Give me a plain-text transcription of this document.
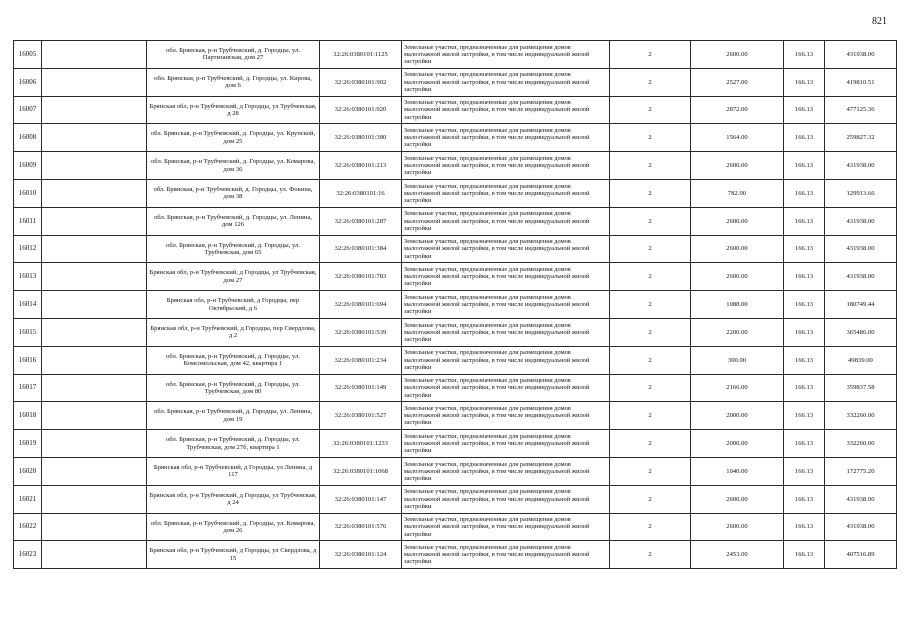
821
16005		обл. Брянская, р-н Трубчевский, д. Городцы, ул. Партизанская, дом 27	32:26:0380101:1125	Земельные участки, предназначенные для размещения домов малоэтажной жилой застройки, в том числе индивидуальной жилой застройки	2	2600.00	166.13	431938.00
16006		обл. Брянская, р-н Трубчевский, д. Городцы, ул. Кирова, дом 6	32:26:0380101:902	Земельные участки, предназначенные для размещения домов малоэтажной жилой застройки, в том числе индивидуальной жилой застройки	2	2527.00	166.13	419810.51
16007		Брянская обл, р-н Трубчевский, д Городцы, ул Трубчевская, д 28	32:26:0380101:920	Земельные участки, предназначенные для размещения домов малоэтажной жилой застройки, в том числе индивидуальной жилой застройки	2	2872.00	166.13	477125.36
16008		обл. Брянская, р-н Трубчевский, д. Городцы, ул. Крупской, дом 25	32:26:0380101:380	Земельные участки, предназначенные для размещения домов малоэтажной жилой застройки, в том числе индивидуальной жилой застройки	2	1564.00	166.13	259827.32
16009		обл. Брянская, р-н Трубчевский, д. Городцы, ул. Комарова, дом 36	32:26:0380101:213	Земельные участки, предназначенные для размещения домов малоэтажной жилой застройки, в том числе индивидуальной жилой застройки	2	2600.00	166.13	431938.00
16010		обл. Брянская, р-н Трубчевский, д. Городцы, ул. Фокина, дом 38	32:26:0380101:16	Земельные участки, предназначенные для размещения домов малоэтажной жилой застройки, в том числе индивидуальной жилой застройки	2	782.00	166.13	129913.66
16011		обл. Брянская, р-н Трубчевский, д. Городцы, ул. Ленина, дом 126	32:26:0380101:287	Земельные участки, предназначенные для размещения домов малоэтажной жилой застройки, в том числе индивидуальной жилой застройки	2	2600.00	166.13	431938.00
16012		обл. Брянская, р-н Трубчевский, д. Городцы, ул. Трубчевская, дом 65	32:26:0380101:384	Земельные участки, предназначенные для размещения домов малоэтажной жилой застройки, в том числе индивидуальной жилой застройки	2	2600.00	166.13	431938.00
16013		Брянская обл, р-н Трубчевский, д Городцы, ул Трубчевская, дом 27	32:26:0380101:783	Земельные участки, предназначенные для размещения домов малоэтажной жилой застройки, в том числе индивидуальной жилой застройки	2	2600.00	166.13	431938.00
16014		Брянская обл, р-н Трубчевский, д Городцы, пер Октябрьский, д 6	32:26:0380101:694	Земельные участки, предназначенные для размещения домов малоэтажной жилой застройки, в том числе индивидуальной жилой застройки	2	1088.00	166.13	180749.44
16015		Брянская обл, р-н Трубчевский, д Городцы, пер Свердлова, д 2	32:26:0380101:539	Земельные участки, предназначенные для размещения домов малоэтажной жилой застройки, в том числе индивидуальной жилой застройки	2	2200.00	166.13	365486.00
16016		обл. Брянская, р-н Трубчевский, д. Городцы, ул. Комсомольская, дом 42, квартира 1	32:26:0380101:234	Земельные участки, предназначенные для размещения домов малоэтажной жилой застройки, в том числе индивидуальной жилой застройки	2	300.00	166.13	49839.00
16017		обл. Брянская, р-н Трубчевский, д. Городцы, ул. Трубчевская, дом 80	32:26:0380101:149	Земельные участки, предназначенные для размещения домов малоэтажной жилой застройки, в том числе индивидуальной жилой застройки	2	2166.00	166.13	359837.58
16018		обл. Брянская, р-н Трубчевский, д. Городцы, ул. Ленина, дом 19	32:26:0380101:527	Земельные участки, предназначенные для размещения домов малоэтажной жилой застройки, в том числе индивидуальной жилой застройки	2	2000.00	166.13	332260.00
16019		обл. Брянская, р-н Трубчевский, д. Городцы, ул. Трубчевская, дом 27б, квартира 1	32:26:0380101:1233	Земельные участки, предназначенные для размещения домов малоэтажной жилой застройки, в том числе индивидуальной жилой застройки	2	2000.00	166.13	332260.00
16020		Брянская обл, р-н Трубчевский, д Городцы, ул Ленина, д 117	32:26:0380101:1068	Земельные участки, предназначенные для размещения домов малоэтажной жилой застройки, в том числе индивидуальной жилой застройки	2	1040.00	166.13	172775.20
16021		Брянская обл, р-н Трубчевский, д Городцы, ул Трубчевская, д 24	32:26:0380101:147	Земельные участки, предназначенные для размещения домов малоэтажной жилой застройки, в том числе индивидуальной жилой застройки	2	2600.00	166.13	431938.00
16022		обл. Брянская, р-н Трубчевский, д. Городцы, ул. Комарова, дом 26	32:26:0380101:576	Земельные участки, предназначенные для размещения домов малоэтажной жилой застройки, в том числе индивидуальной жилой застройки	2	2600.00	166.13	431938.00
16023		Брянская обл, р-н Трубчевский, д Городцы, ул Свердлова, д 15	32:26:0380101:124	Земельные участки, предназначенные для размещения домов малоэтажной жилой застройки, в том числе индивидуальной жилой застройки	2	2453.00	166.13	407516.89
